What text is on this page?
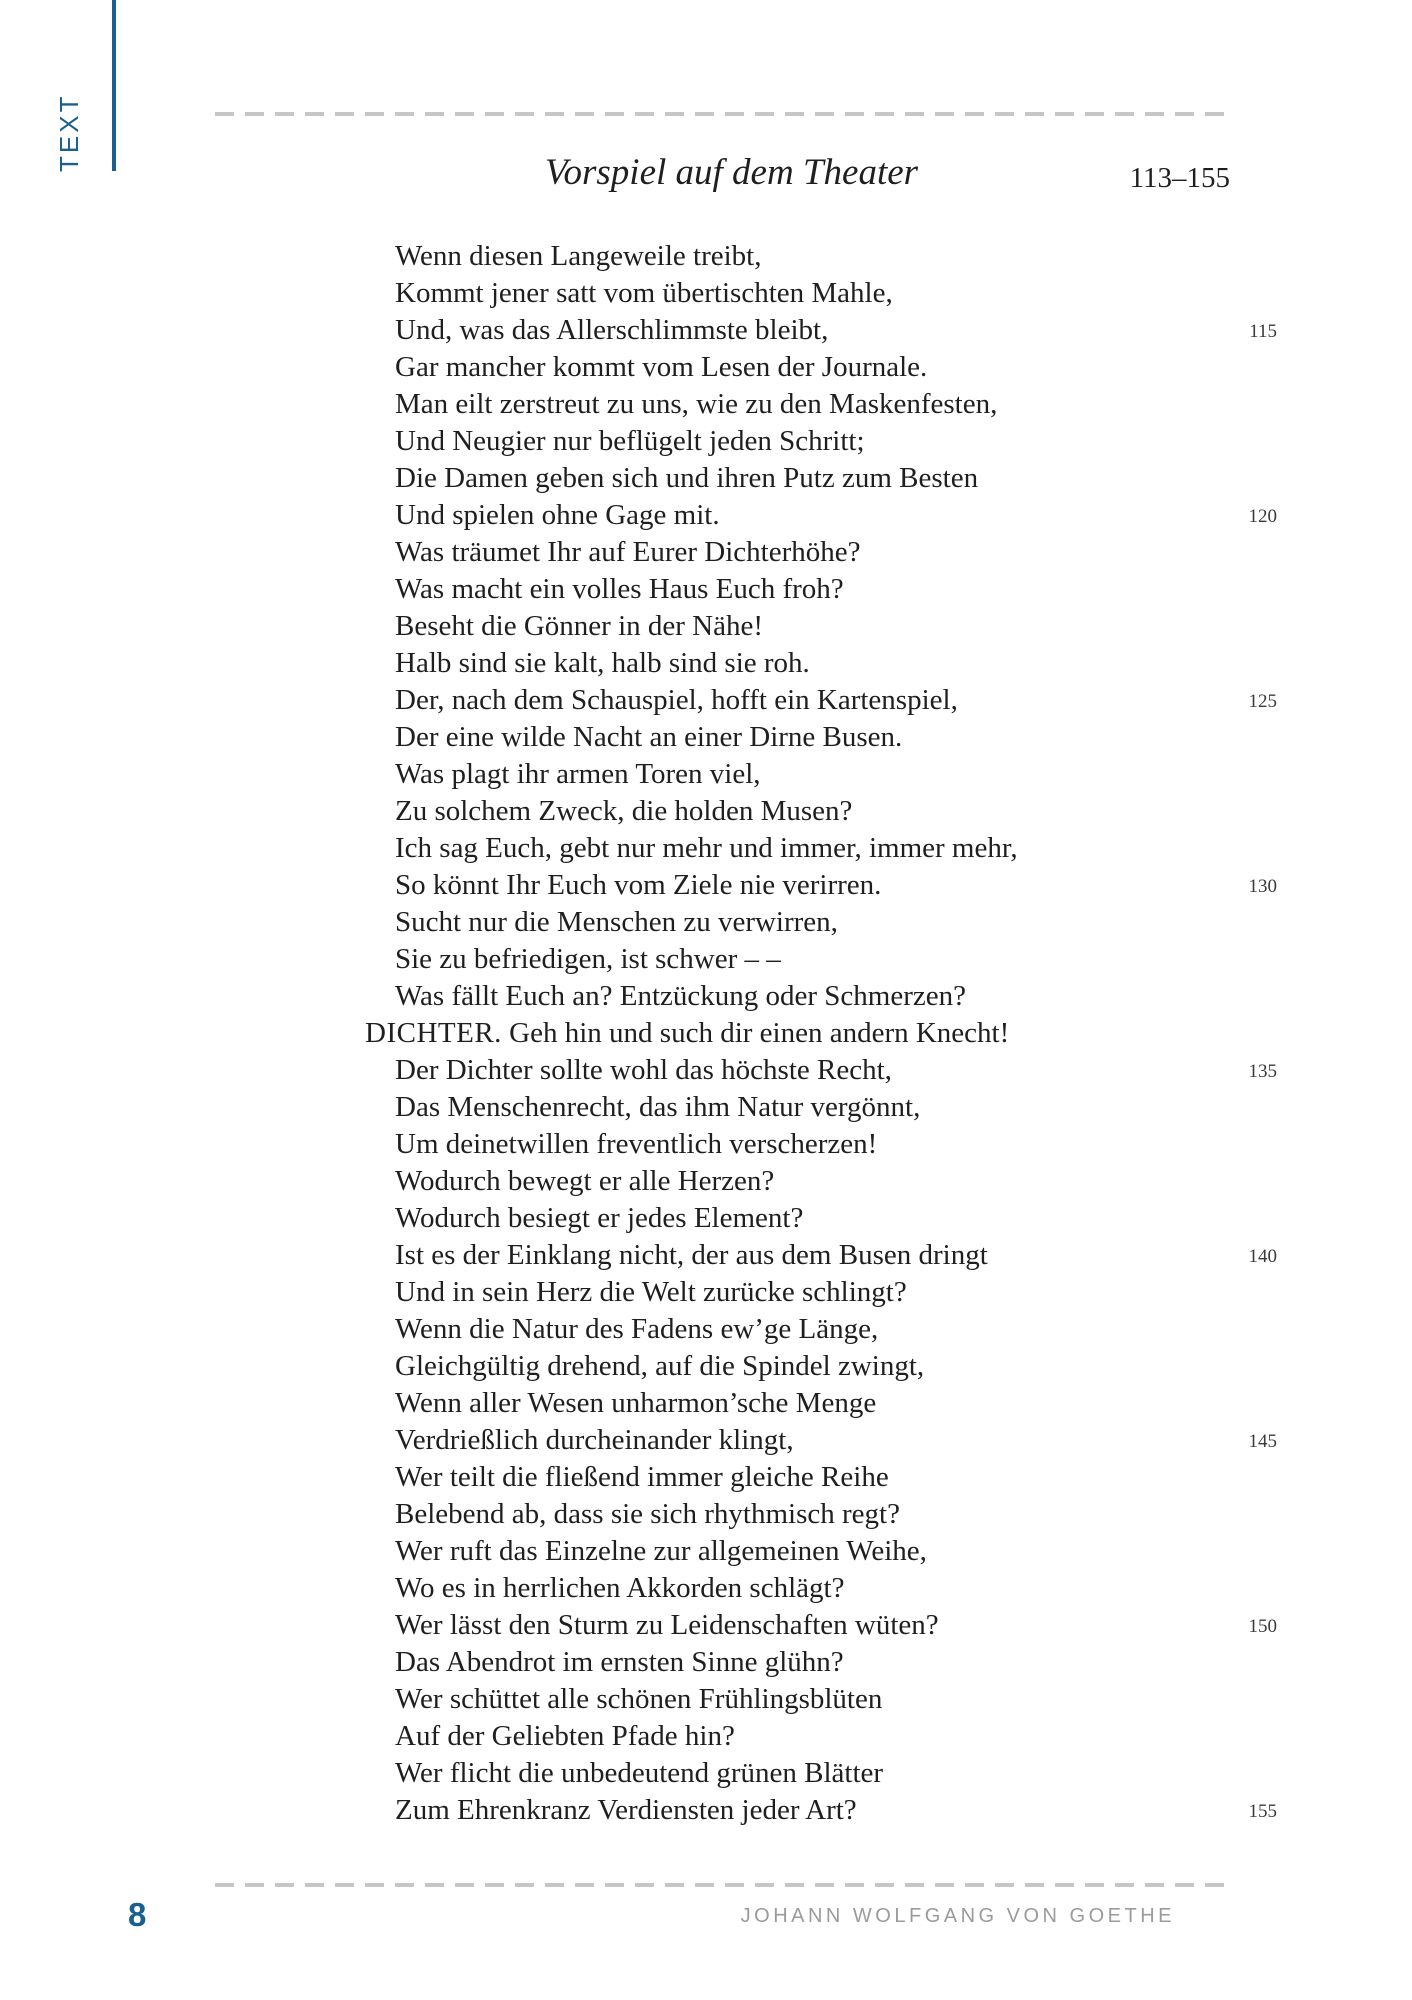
TEXT
Vorspiel auf dem Theater	113–155
Wenn diesen Langeweile treibt,
Kommt jener satt vom übertischten Mahle,
Und, was das Allerschlimmste bleibt,	115
Gar mancher kommt vom Lesen der Journale.
Man eilt zerstreut zu uns, wie zu den Maskenfesten,
Und Neugier nur beflügelt jeden Schritt;
Die Damen geben sich und ihren Putz zum Besten
Und spielen ohne Gage mit.	120
Was träumet Ihr auf Eurer Dichterhöhe?
Was macht ein volles Haus Euch froh?
Beseht die Gönner in der Nähe!
Halb sind sie kalt, halb sind sie roh.
Der, nach dem Schauspiel, hofft ein Kartenspiel,	125
Der eine wilde Nacht an einer Dirne Busen.
Was plagt ihr armen Toren viel,
Zu solchem Zweck, die holden Musen?
Ich sag Euch, gebt nur mehr und immer, immer mehr,
So könnt Ihr Euch vom Ziele nie verirren.	130
Sucht nur die Menschen zu verwirren,
Sie zu befriedigen, ist schwer – –
Was fällt Euch an? Entzückung oder Schmerzen?
DICHTER. Geh hin und such dir einen andern Knecht!
Der Dichter sollte wohl das höchste Recht,	135
Das Menschenrecht, das ihm Natur vergönnt,
Um deinetwillen freventlich verscherzen!
Wodurch bewegt er alle Herzen?
Wodurch besiegt er jedes Element?
Ist es der Einklang nicht, der aus dem Busen dringt	140
Und in sein Herz die Welt zurücke schlingt?
Wenn die Natur des Fadens ew’ge Länge,
Gleichgültig drehend, auf die Spindel zwingt,
Wenn aller Wesen unharmon’sche Menge
Verdrießlich durcheinander klingt,	145
Wer teilt die fließend immer gleiche Reihe
Belebend ab, dass sie sich rhythmisch regt?
Wer ruft das Einzelne zur allgemeinen Weihe,
Wo es in herrlichen Akkorden schlägt?
Wer lässt den Sturm zu Leidenschaften wüten?	150
Das Abendrot im ernsten Sinne glühn?
Wer schüttet alle schönen Frühlingsblüten
Auf der Geliebten Pfade hin?
Wer flicht die unbedeutend grünen Blätter
Zum Ehrenkranz Verdiensten jeder Art?	155
8	JOHANN WOLFGANG VON GOETHE
